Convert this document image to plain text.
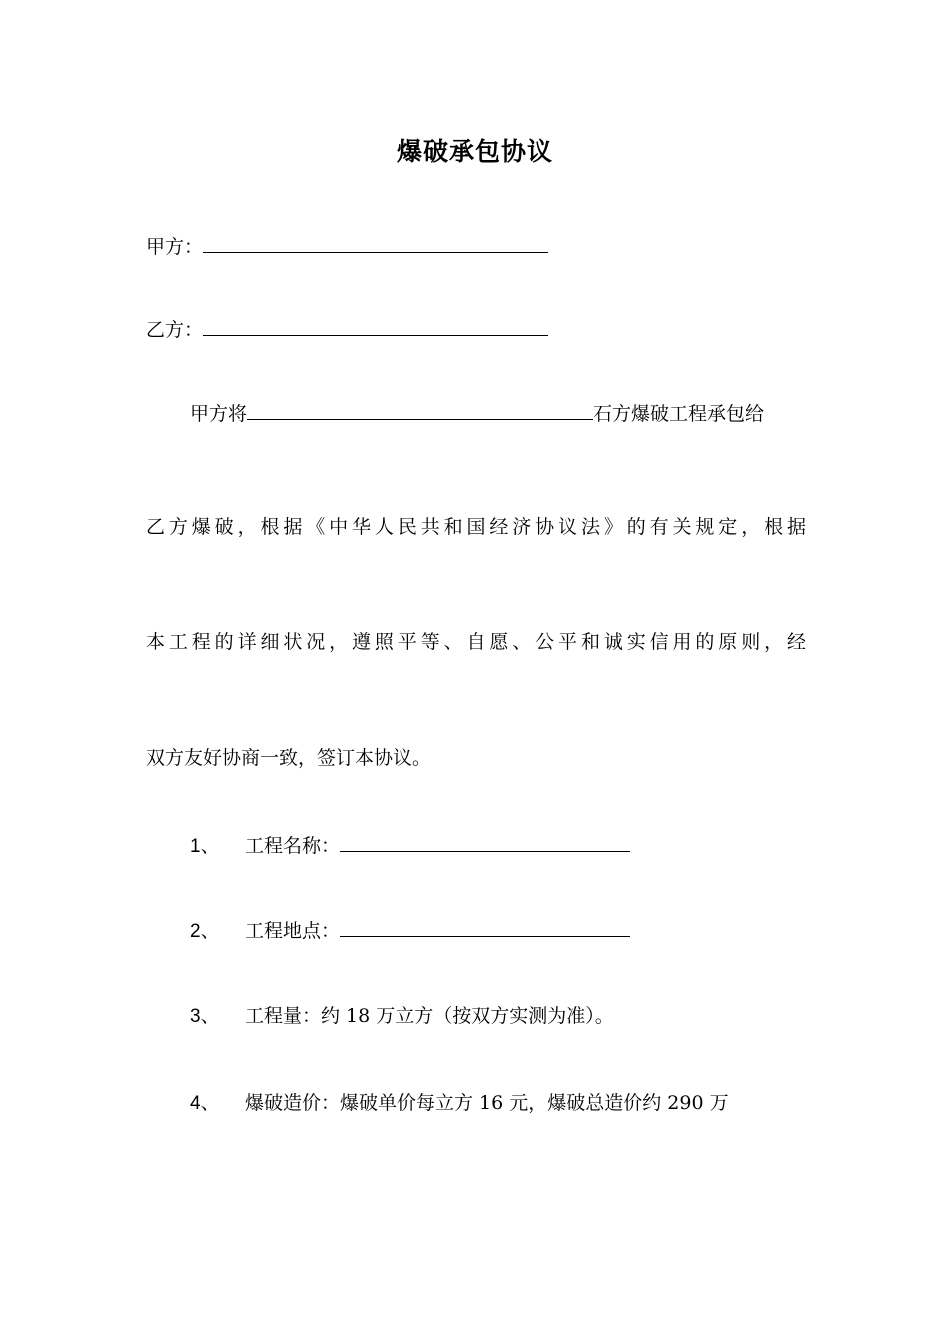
爆破承包协议
甲方：
乙方：
甲方将	石方爆破工程承包给
乙方爆破，根据《中华人民共和国经济协议法》的有关规定，根据
本工程的详细状况，遵照平等、自愿、公平和诚实信用的原则，经
双方友好协商一致，签订本协议。
1、 工程名称：
2、 工程地点：
3、 工程量：约 18 万立方（按双方实测为准）。
4、 爆破造价：爆破单价每立方 16 元，爆破总造价约 290 万
